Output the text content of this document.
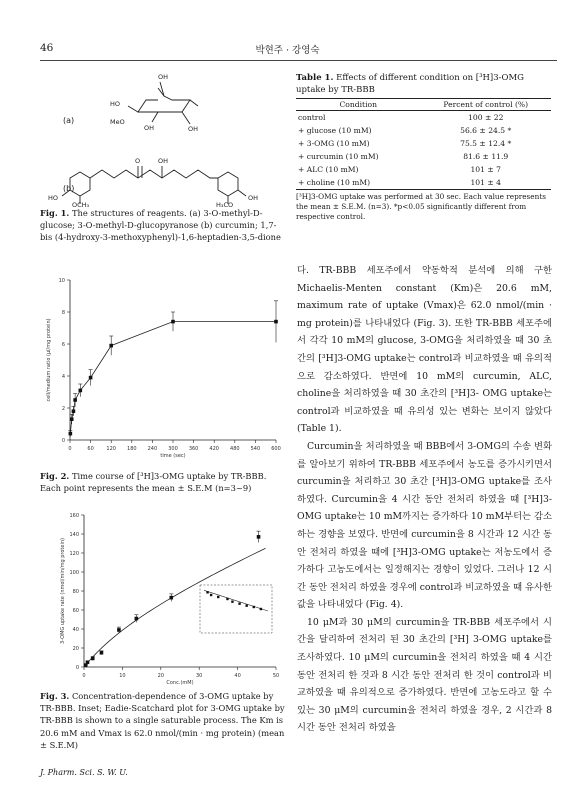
46	박현주 · 강영숙
(a)
OH
HO
MeO
OH	OH
(b)
O	OH
HO
OCH₃	H₃CO
OH
Fig. 1. The structures of reagents. (a) 3-O-methyl-D-glucose; 3-O-methyl-D-glucopyranose (b) curcumin; 1,7-bis (4-hydroxy-3-methoxyphenyl)-1,6-heptadien-3,5-dione
0	60	120 180 240 300 360 420 480 540 600
0
2
4
6
8
10
time (sec)
cell/medium ratio (μl/mg protein)
Fig. 2. Time course of [³H]3-OMG uptake by TR-BBB. Each point represents the mean ± S.E.M (n=3~9)
0	10	20	30	40	50
0
20
40
60
80
100
120
140
160
Conc.(mM)
3-OMG uptake rate (nmol/min/mg protein)
Fig. 3. Concentration-dependence of 3-OMG uptake by TR-BBB. Inset; Eadie-Scatchard plot for 3-OMG uptake by TR-BBB is shown to a single saturable process. The Km is 20.6 mM and Vmax is 62.0 nmol/(min · mg protein) (mean ± S.E.M)
Table 1. Effects of different condition on [³H]3-OMG uptake by TR-BBB
Condition	Percent of control (%)
control	100 ± 22
+ glucose (10 mM)	56.6 ± 24.5 *
+ 3-OMG (10 mM)	75.5 ± 12.4 *
+ curcumin (10 mM)	81.6 ± 11.9
+ ALC (10 mM)	101 ± 7
+ choline (10 mM)	101 ± 4
[³H]3-OMG uptake was performed at 30 sec. Each value represents the mean ± S.E.M. (n=3). *p<0.05 significantly different from respective control.

다. TR-BBB 세포주에서 약동학적 분석에 의해 구한 Michaelis-Menten constant (Km)은 20.6 mM, maximum rate of uptake (Vmax)은 62.0 nmol/(min · mg protein)를 나타내었다 (Fig. 3). 또한 TR-BBB 세포주에서 각각 10 mM의 glucose, 3-OMG을 처리하였을 때 30 초간의 [³H]3-OMG uptake는 control과 비교하였을 때 유의적으로 감소하였다. 반면에 10 mM의 curcumin, ALC, choline을 처리하였을 때 30 초간의 [³H]3- OMG uptake는 control과 비교하였을 때 유의성 있는 변화는 보이지 않았다 (Table 1).

Curcumin을 처리하였을 때 BBB에서 3-OMG의 수송 변화를 알아보기 위하여 TR-BBB 세포주에서 농도를 증가시키면서 curcumin을 처리하고 30 초간 [³H]3-OMG uptake를 조사하였다. Curcumin을 4 시간 동안 전처리 하였을 때 [³H]3-OMG uptake는 10 mM까지는 증가하다 10 mM부터는 감소하는 경향을 보였다. 반면에 curcumin을 8 시간과 12 시간 동안 전처리 하였을 때에 [³H]3-OMG uptake는 저농도에서 증가하다 고농도에서는 일정해지는 경향이 있었다. 그러나 12 시간 동안 전처리 하였을 경우에 control과 비교하였을 때 유사한 값을 나타내었다 (Fig. 4).

10 μM과 30 μM의 curcumin을 TR-BBB 세포주에서 시간을 달리하여 전처리 된 30 초간의 [³H] 3-OMG uptake를 조사하였다. 10 μM의 curcumin을 전처리 하였을 때 4 시간 동안 전처리 한 것과 8 시간 동안 전처리 한 것이 control과 비교하였을 때 유의적으로 증가하였다. 반면에 고농도라고 할 수 있는 30 μM의 curcumin을 전처리 하였을 경우, 2 시간과 8 시간 동안 전처리 하였을

J. Pharm. Sci. S. W. U.
